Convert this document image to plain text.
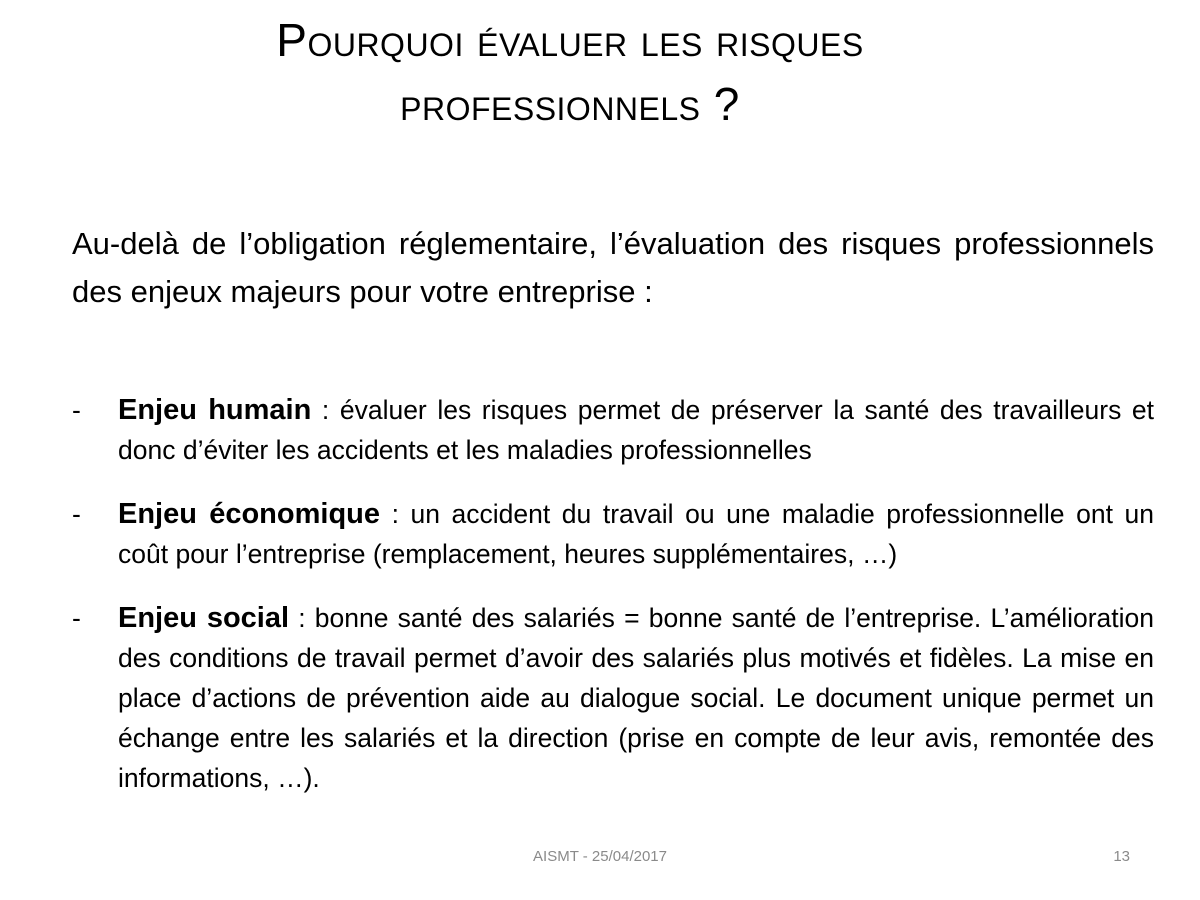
Pourquoi évaluer les risques
professionnels ?

Au-delà de l’obligation réglementaire, l’évaluation des risques professionnels des enjeux majeurs pour votre entreprise :

-	Enjeu humain : évaluer les risques permet de préserver la santé des travailleurs et donc d’éviter les accidents et les maladies professionnelles
-	Enjeu économique : un accident du travail ou une maladie professionnelle ont un coût pour l’entreprise (remplacement, heures supplémentaires, …)
-	Enjeu social : bonne santé des salariés = bonne santé de l’entreprise. L’amélioration des conditions de travail permet d’avoir des salariés plus motivés et fidèles. La mise en place d’actions de prévention aide au dialogue social. Le document unique permet un échange entre les salariés et la direction (prise en compte de leur avis, remontée des informations, …).
AISMT - 25/04/2017	13
